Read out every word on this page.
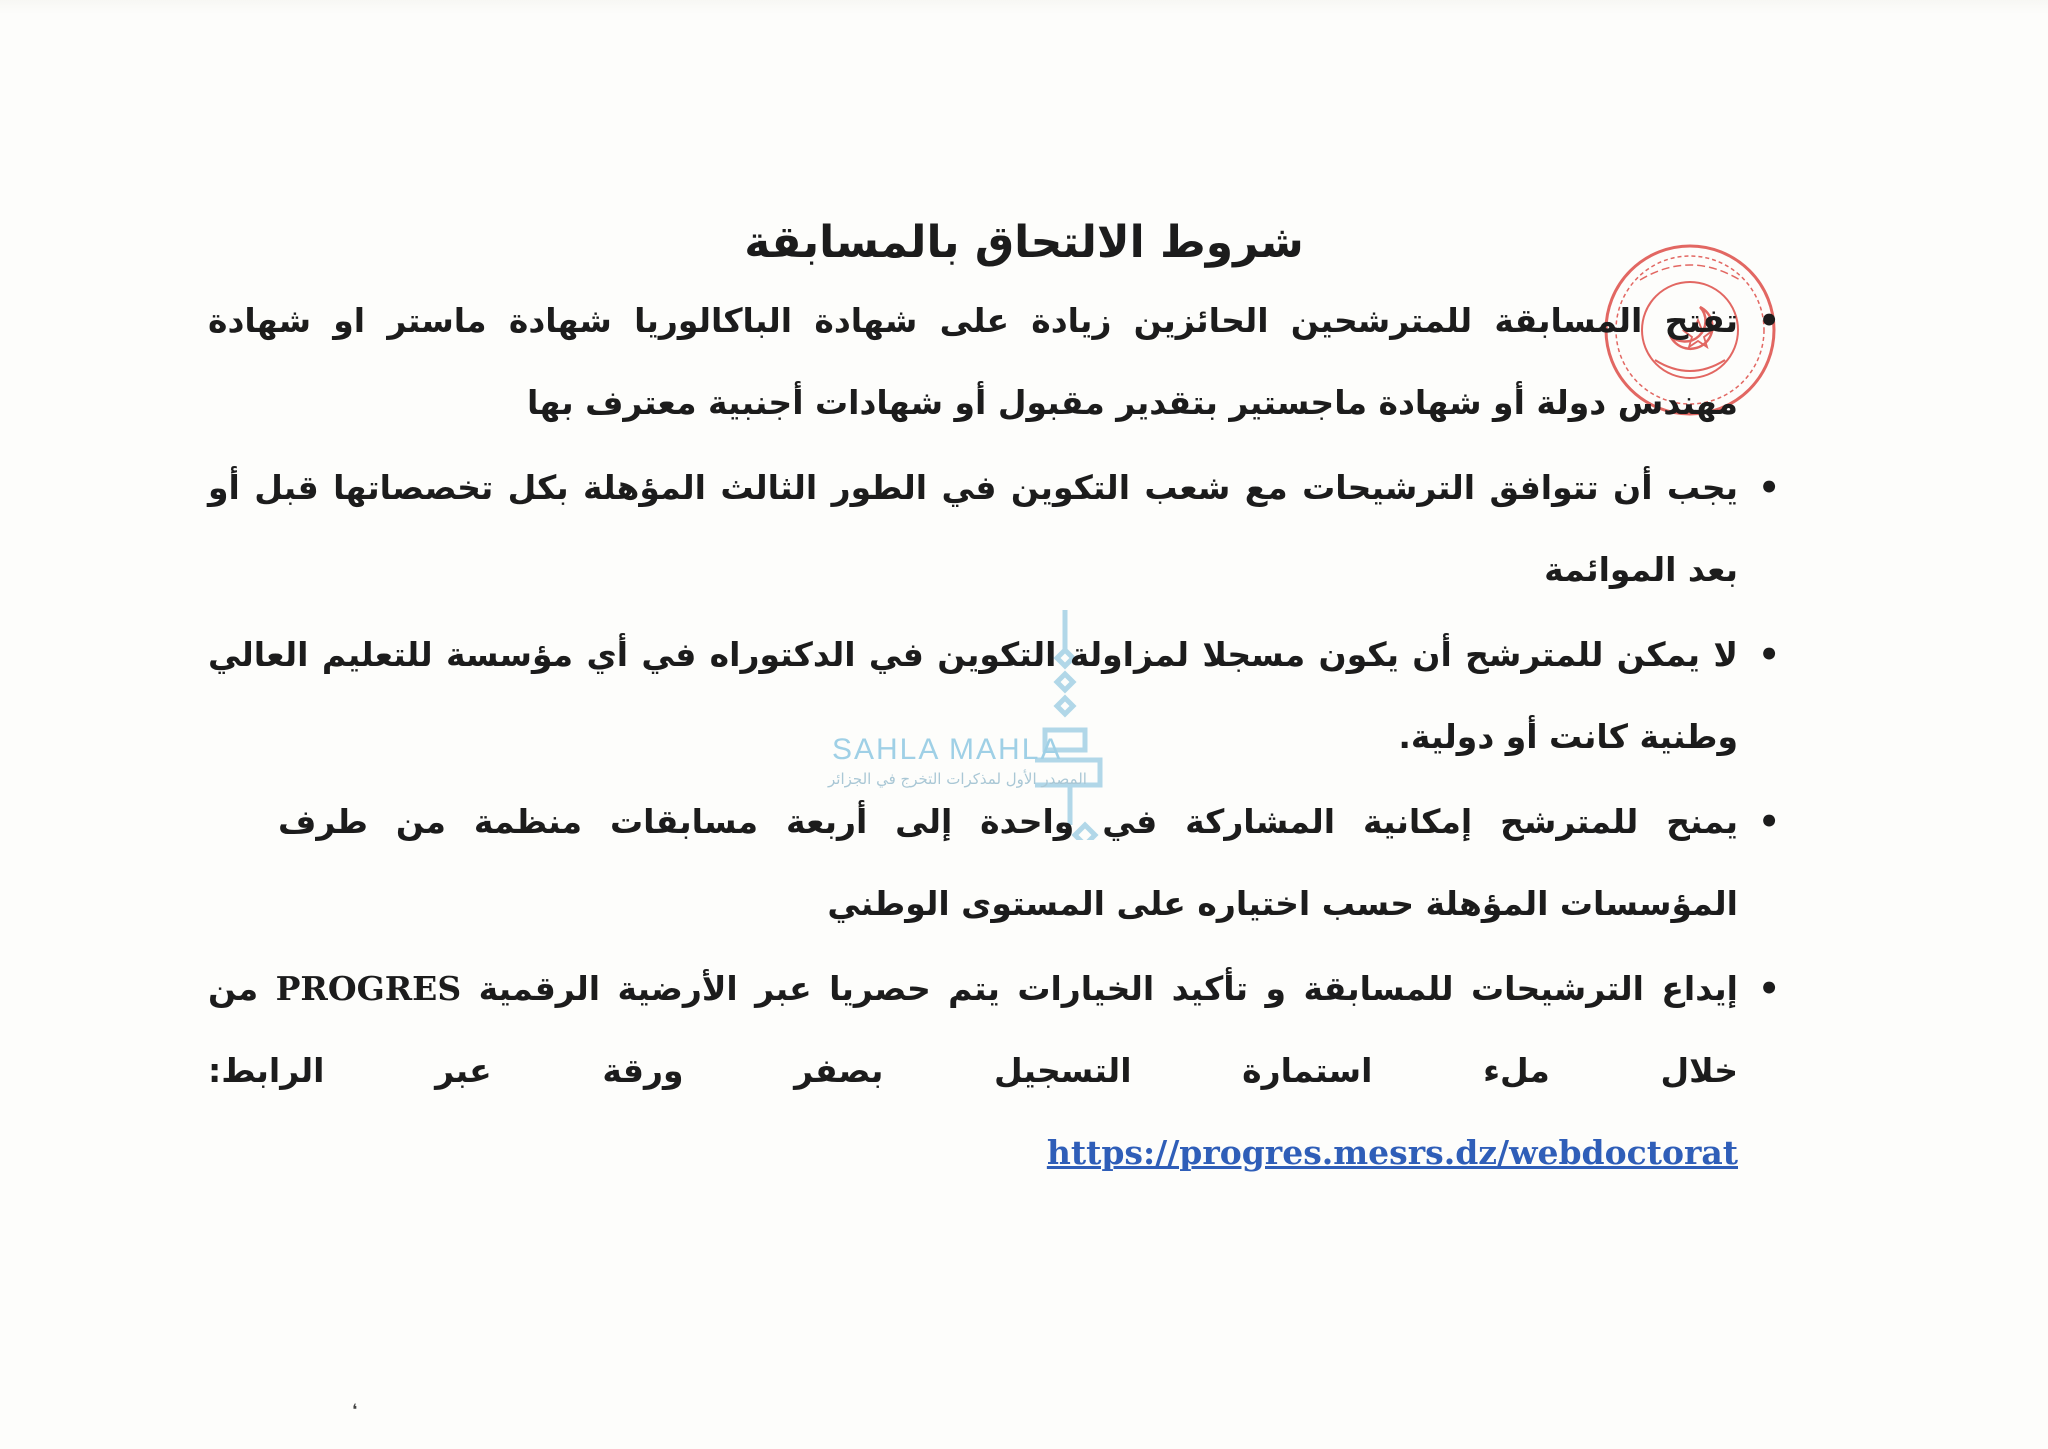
SAHLA MAHLA
المصدر الأول لمذكرات التخرج في الجزائر
شروط الالتحاق بالمسابقة
•
تفتح المسابقة للمترشحين الحائزين زيادة على شهادة الباكالوريا شهادة ماستر او شهادة مهندس دولة أو شهادة ماجستير بتقدير مقبول أو شهادات أجنبية معترف بها
•
يجب أن تتوافق الترشيحات مع شعب التكوين في الطور الثالث المؤهلة بكل تخصصاتها قبل أو بعد الموائمة
•
لا يمكن للمترشح أن يكون مسجلا لمزاولة التكوين في الدكتوراه في أي مؤسسة للتعليم العالي وطنية كانت أو دولية.
•
يمنح للمترشح إمكانية المشاركة في واحدة إلى أربعة مسابقات منظمة من طرف المؤسسات المؤهلة حسب اختياره على المستوى الوطني
•
إيداع الترشيحات للمسابقة و تأكيد الخيارات يتم حصريا عبر الأرضية الرقمية PROGRES من خلال ملء استمارة التسجيل بصفر ورقة عبر الرابط: https://progres.mesrs.dz/webdoctorat
❛
